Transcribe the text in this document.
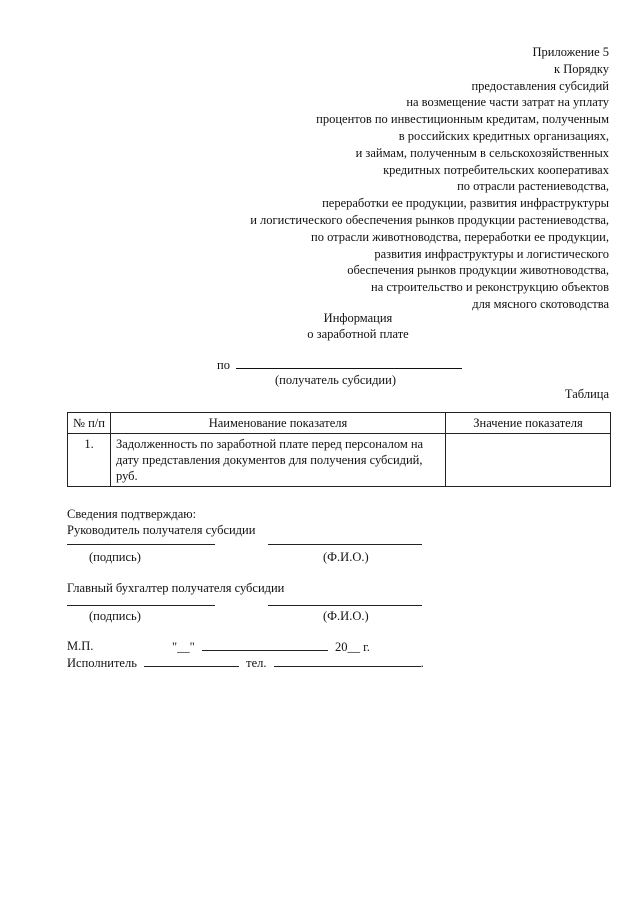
Приложение 5
к Порядку
предоставления субсидий
на возмещение части затрат на уплату
процентов по инвестиционным кредитам, полученным
в российских кредитных организациях,
и займам, полученным в сельскохозяйственных
кредитных потребительских кооперативах
по отрасли растениеводства,
переработки ее продукции, развития инфраструктуры
и логистического обеспечения рынков продукции растениеводства,
по отрасли животноводства, переработки ее продукции,
развития инфраструктуры и логистического
обеспечения рынков продукции животноводства,
на строительство и реконструкцию объектов
для мясного скотоводства
Информация
о заработной плате
по
(получатель субсидии)
Таблица
№ п/п	Наименование показателя	Значение показателя
1.	Задолженность по заработной плате перед персоналом на дату представления документов для получения субсидий, руб.	
Сведения подтверждаю:
Руководитель получателя субсидии
(подпись)	(Ф.И.О.)
Главный бухгалтер получателя субсидии
(подпись)	(Ф.И.О.)
М.П.	"__"	20__ г.
Исполнитель	тел.	.
